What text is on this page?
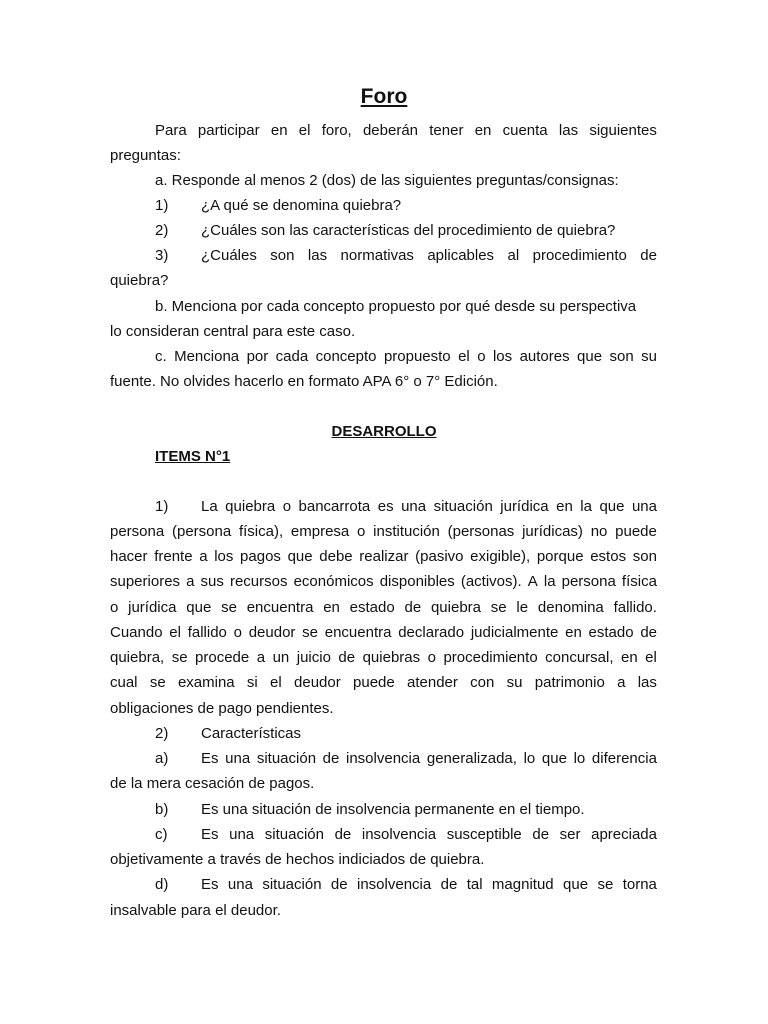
Foro
Para participar en el foro, deberán tener en cuenta las siguientes
preguntas:
a. Responde al menos 2 (dos) de las siguientes preguntas/consignas:
1) ¿A qué se denomina quiebra?
2) ¿Cuáles son las características del procedimiento de quiebra?
3) ¿Cuáles son las normativas aplicables al procedimiento de
quiebra?
b. Menciona por cada concepto propuesto por qué desde su perspectiva
lo consideran central para este caso.
c. Menciona por cada concepto propuesto el o los autores que son su
fuente. No olvides hacerlo en formato APA 6° o 7° Edición.
DESARROLLO
ITEMS N°1
1) La quiebra o bancarrota es una situación jurídica en la que una
persona (persona física), empresa o institución (personas jurídicas) no puede
hacer frente a los pagos que debe realizar (pasivo exigible), porque estos son
superiores a sus recursos económicos disponibles (activos). A la persona física
o jurídica que se encuentra en estado de quiebra se le denomina fallido.
Cuando el fallido o deudor se encuentra declarado judicialmente en estado de
quiebra, se procede a un juicio de quiebras o procedimiento concursal, en el
cual se examina si el deudor puede atender con su patrimonio a las
obligaciones de pago pendientes.
2) Características
a) Es una situación de insolvencia generalizada, lo que lo diferencia
de la mera cesación de pagos.
b) Es una situación de insolvencia permanente en el tiempo.
c) Es una situación de insolvencia susceptible de ser apreciada
objetivamente a través de hechos indiciados de quiebra.
d) Es una situación de insolvencia de tal magnitud que se torna
insalvable para el deudor.
